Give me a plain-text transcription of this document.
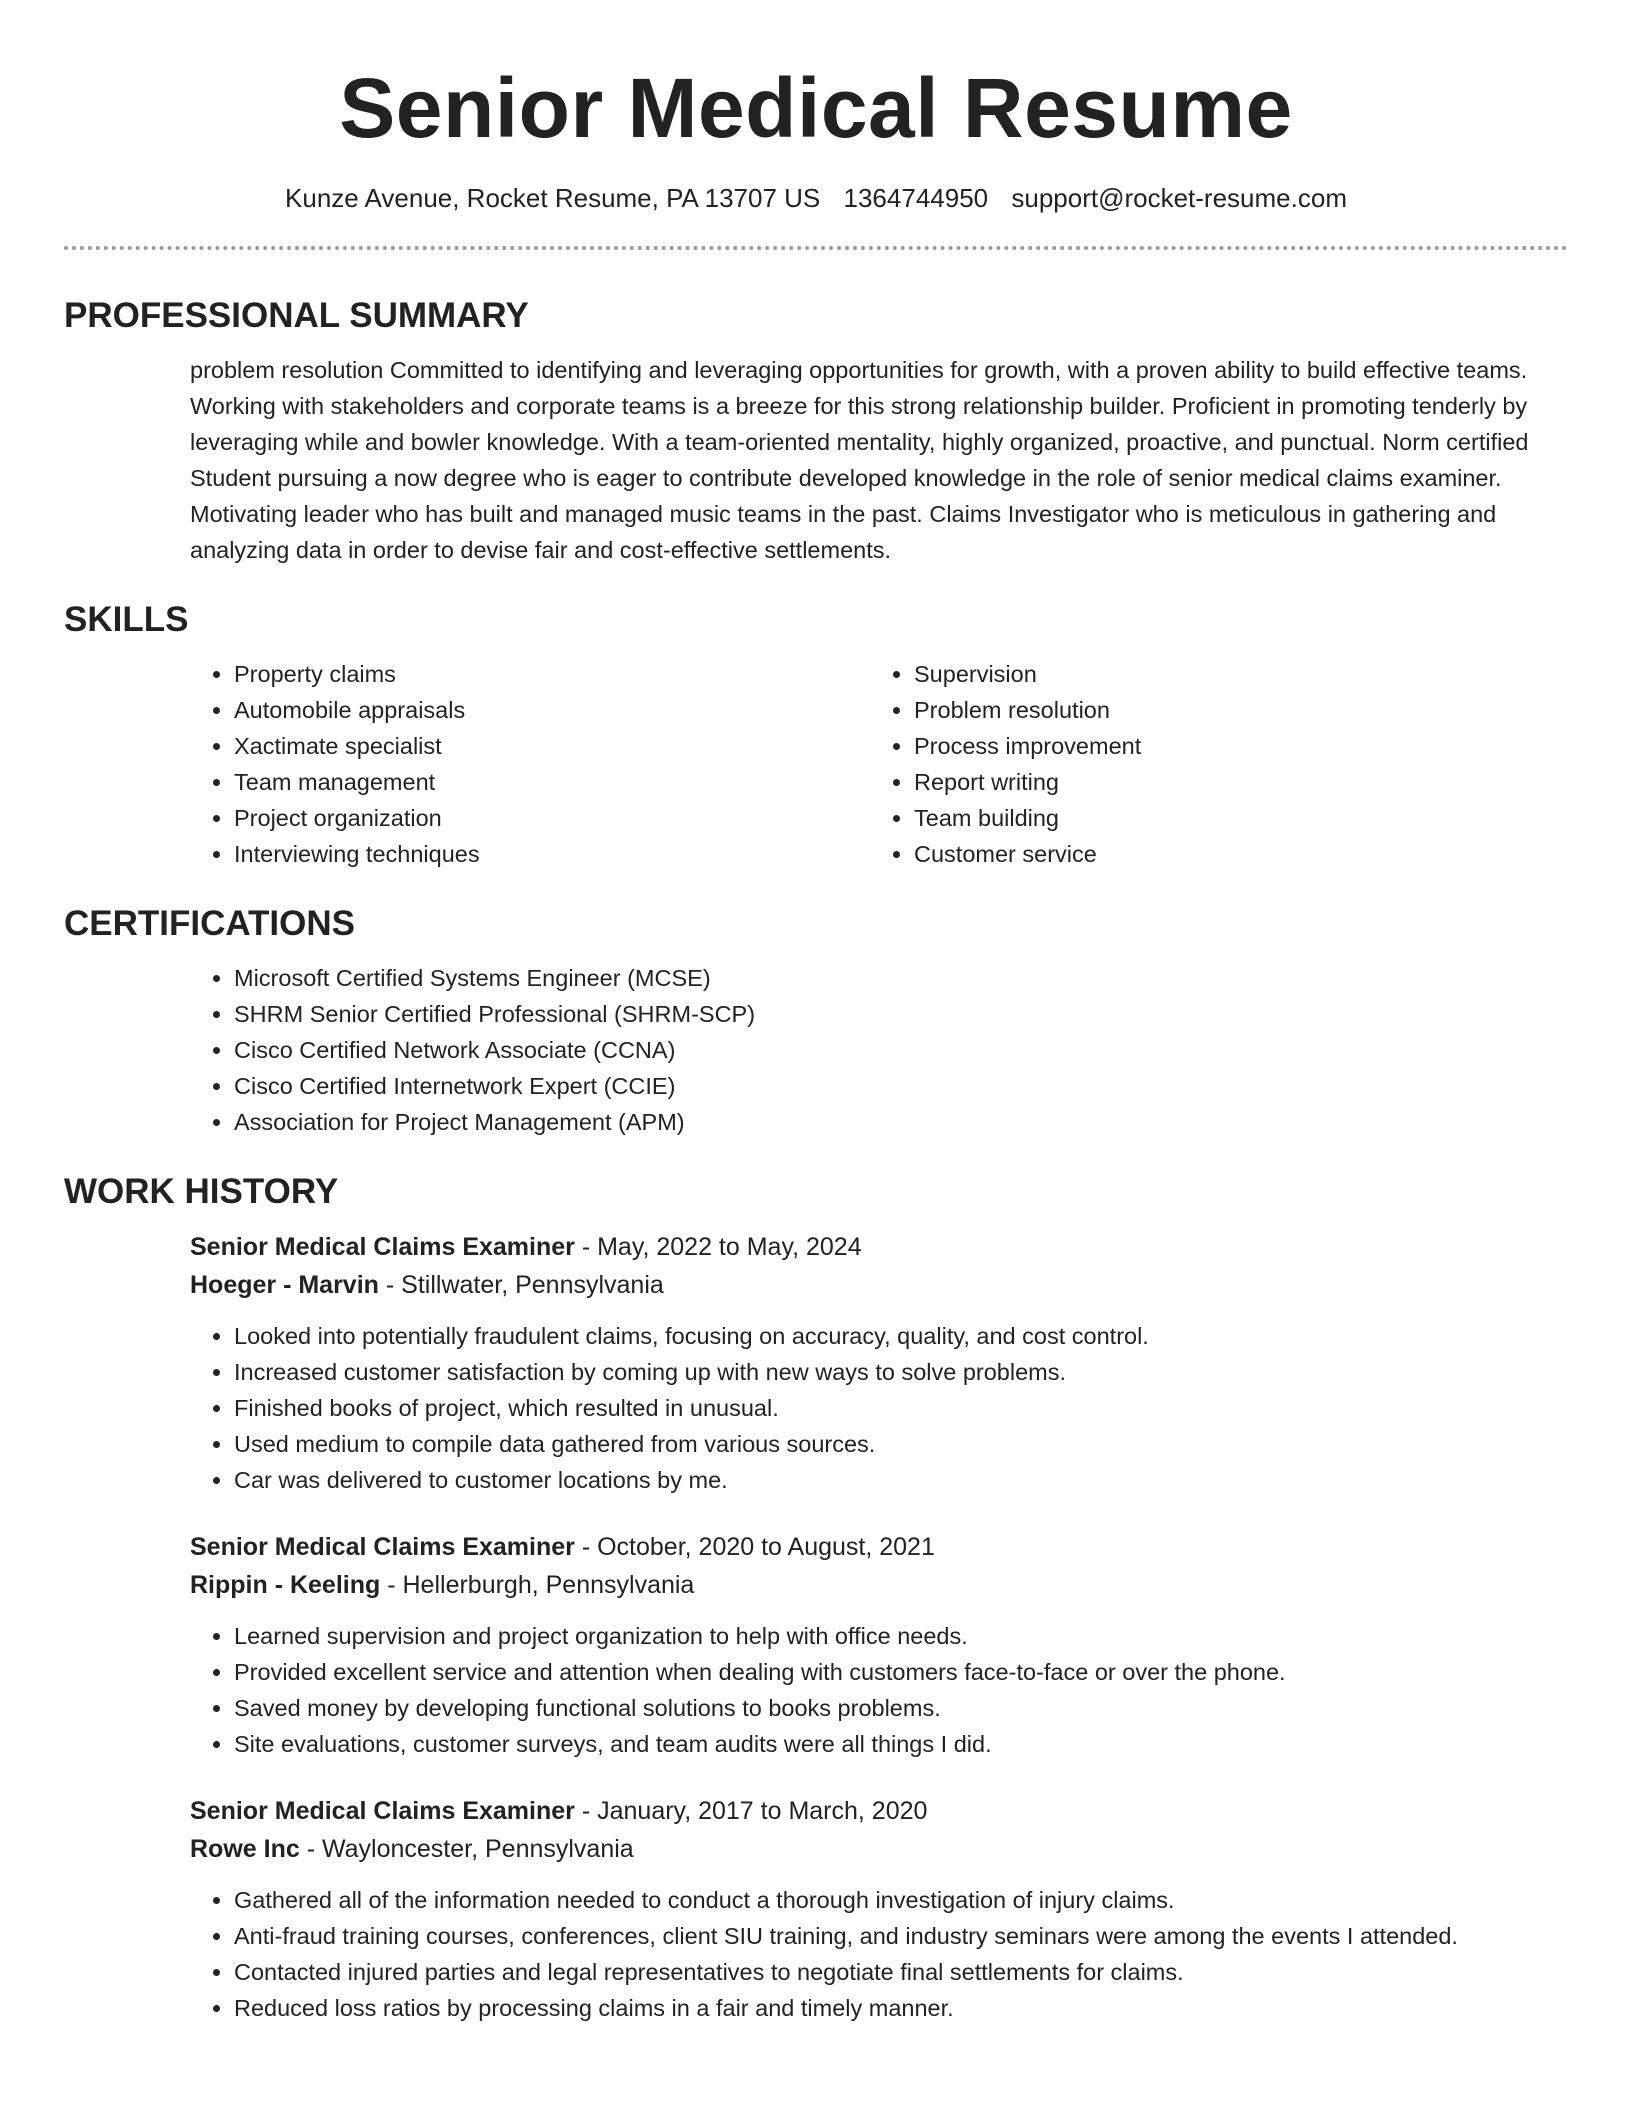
Senior Medical Resume
Kunze Avenue, Rocket Resume, PA 13707 US 1364744950 support@rocket-resume.com
PROFESSIONAL SUMMARY

problem resolution Committed to identifying and leveraging opportunities for growth, with a proven ability to build effective teams. Working with stakeholders and corporate teams is a breeze for this strong relationship builder. Proficient in promoting tenderly by leveraging while and bowler knowledge. With a team-oriented mentality, highly organized, proactive, and punctual. Norm certified Student pursuing a now degree who is eager to contribute developed knowledge in the role of senior medical claims examiner. Motivating leader who has built and managed music teams in the past. Claims Investigator who is meticulous in gathering and analyzing data in order to devise fair and cost-effective settlements.

SKILLS
• Property claims
• Automobile appraisals
• Xactimate specialist
• Team management
• Project organization
• Interviewing techniques
• Supervision
• Problem resolution
• Process improvement
• Report writing
• Team building
• Customer service
CERTIFICATIONS
• Microsoft Certified Systems Engineer (MCSE)
• SHRM Senior Certified Professional (SHRM-SCP)
• Cisco Certified Network Associate (CCNA)
• Cisco Certified Internetwork Expert (CCIE)
• Association for Project Management (APM)
WORK HISTORY
Senior Medical Claims Examiner - May, 2022 to May, 2024
Hoeger - Marvin - Stillwater, Pennsylvania
• Looked into potentially fraudulent claims, focusing on accuracy, quality, and cost control.
• Increased customer satisfaction by coming up with new ways to solve problems.
• Finished books of project, which resulted in unusual.
• Used medium to compile data gathered from various sources.
• Car was delivered to customer locations by me.
Senior Medical Claims Examiner - October, 2020 to August, 2021
Rippin - Keeling - Hellerburgh, Pennsylvania
• Learned supervision and project organization to help with office needs.
• Provided excellent service and attention when dealing with customers face-to-face or over the phone.
• Saved money by developing functional solutions to books problems.
• Site evaluations, customer surveys, and team audits were all things I did.
Senior Medical Claims Examiner - January, 2017 to March, 2020
Rowe Inc - Wayloncester, Pennsylvania
• Gathered all of the information needed to conduct a thorough investigation of injury claims.
• Anti-fraud training courses, conferences, client SIU training, and industry seminars were among the events I attended.
• Contacted injured parties and legal representatives to negotiate final settlements for claims.
• Reduced loss ratios by processing claims in a fair and timely manner.
